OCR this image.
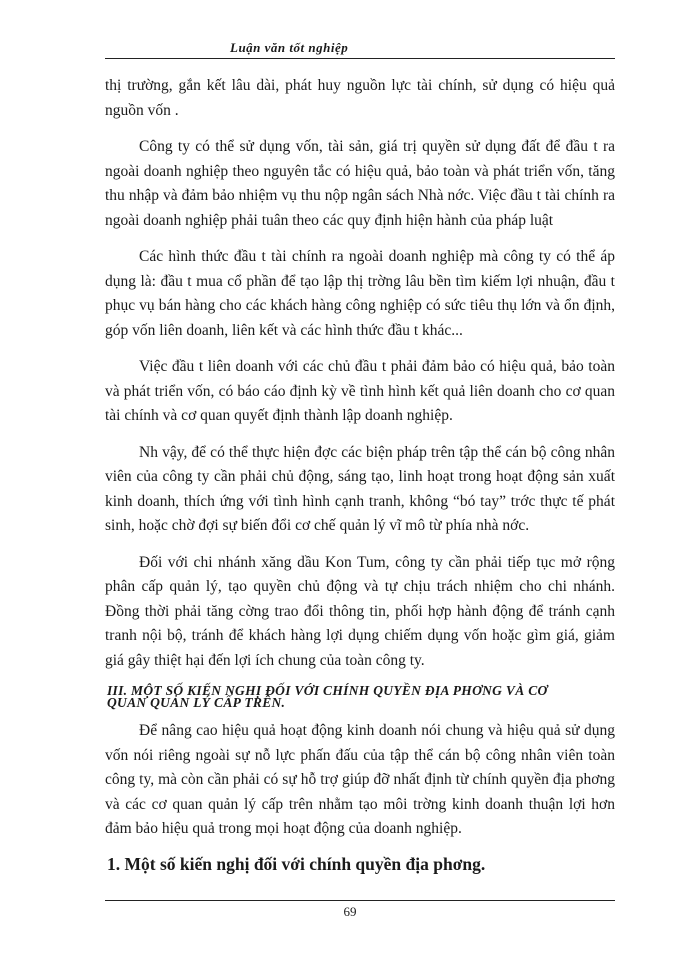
Luận văn tốt nghiệp

thị trường, gắn kết lâu dài, phát huy nguồn lực tài chính, sử dụng có hiệu quả nguồn vốn .

Công ty có thể sử dụng vốn, tài sản, giá trị quyền sử dụng đất để đầu t ra ngoài doanh nghiệp theo nguyên tắc có hiệu quả, bảo toàn và phát triển vốn, tăng thu nhập và đảm bảo nhiệm vụ thu nộp ngân sách Nhà nớc. Việc đầu t tài chính ra ngoài doanh nghiệp phải tuân theo các quy định hiện hành của pháp luật

Các hình thức đầu t tài chính ra ngoài doanh nghiệp mà công ty có thể áp dụng là: đầu t mua cổ phần để tạo lập thị trờng lâu bền tìm kiếm lợi nhuận, đầu t phục vụ bán hàng cho các khách hàng công nghiệp có sức tiêu thụ lớn và ổn định, góp vốn liên doanh, liên kết và các hình thức đầu t khác...

Việc đầu t liên doanh với các chủ đầu t phải đảm bảo có hiệu quả, bảo toàn và phát triển vốn, có báo cáo định kỳ về tình hình kết quả liên doanh cho cơ quan tài chính và cơ quan quyết định thành lập doanh nghiệp.

Nh vậy, để có thể thực hiện đợc các biện pháp trên tập thể cán bộ công nhân viên của công ty cần phải chủ động, sáng tạo, linh hoạt trong hoạt động sản xuất kinh doanh, thích ứng với tình hình cạnh tranh, không “bó tay” trớc thực tế phát sinh, hoặc chờ đợi sự biến đổi cơ chế quản lý vĩ mô từ phía nhà nớc.

Đối với chi nhánh xăng dầu Kon Tum, công ty cần phải tiếp tục mở rộng phân cấp quản lý, tạo quyền chủ động và tự chịu trách nhiệm cho chi nhánh. Đồng thời phải tăng cờng trao đổi thông tin, phối hợp hành động để tránh cạnh tranh nội bộ, tránh để khách hàng lợi dụng chiếm dụng vốn hoặc gìm giá, giảm giá gây thiệt hại đến lợi ích chung của toàn công ty.

III. MỘT SỐ KIẾN NGHỊ ĐỐI VỚI CHÍNH QUYỀN ĐỊA PHƠNG VÀ CƠ
QUAN QUẢN LÝ CẤP TRÊN.

Để nâng cao hiệu quả hoạt động kinh doanh nói chung và hiệu quả sử dụng vốn nói riêng ngoài sự nỗ lực phấn đấu của tập thể cán bộ công nhân viên toàn công ty, mà còn cần phải có sự hỗ trợ giúp đỡ nhất định từ chính quyền địa phơng và các cơ quan quản lý cấp trên nhằm tạo môi trờng kinh doanh thuận lợi hơn đảm bảo hiệu quả trong mọi hoạt động của doanh nghiệp.

1. Một số kiến nghị đối với chính quyền địa phơng.
69
